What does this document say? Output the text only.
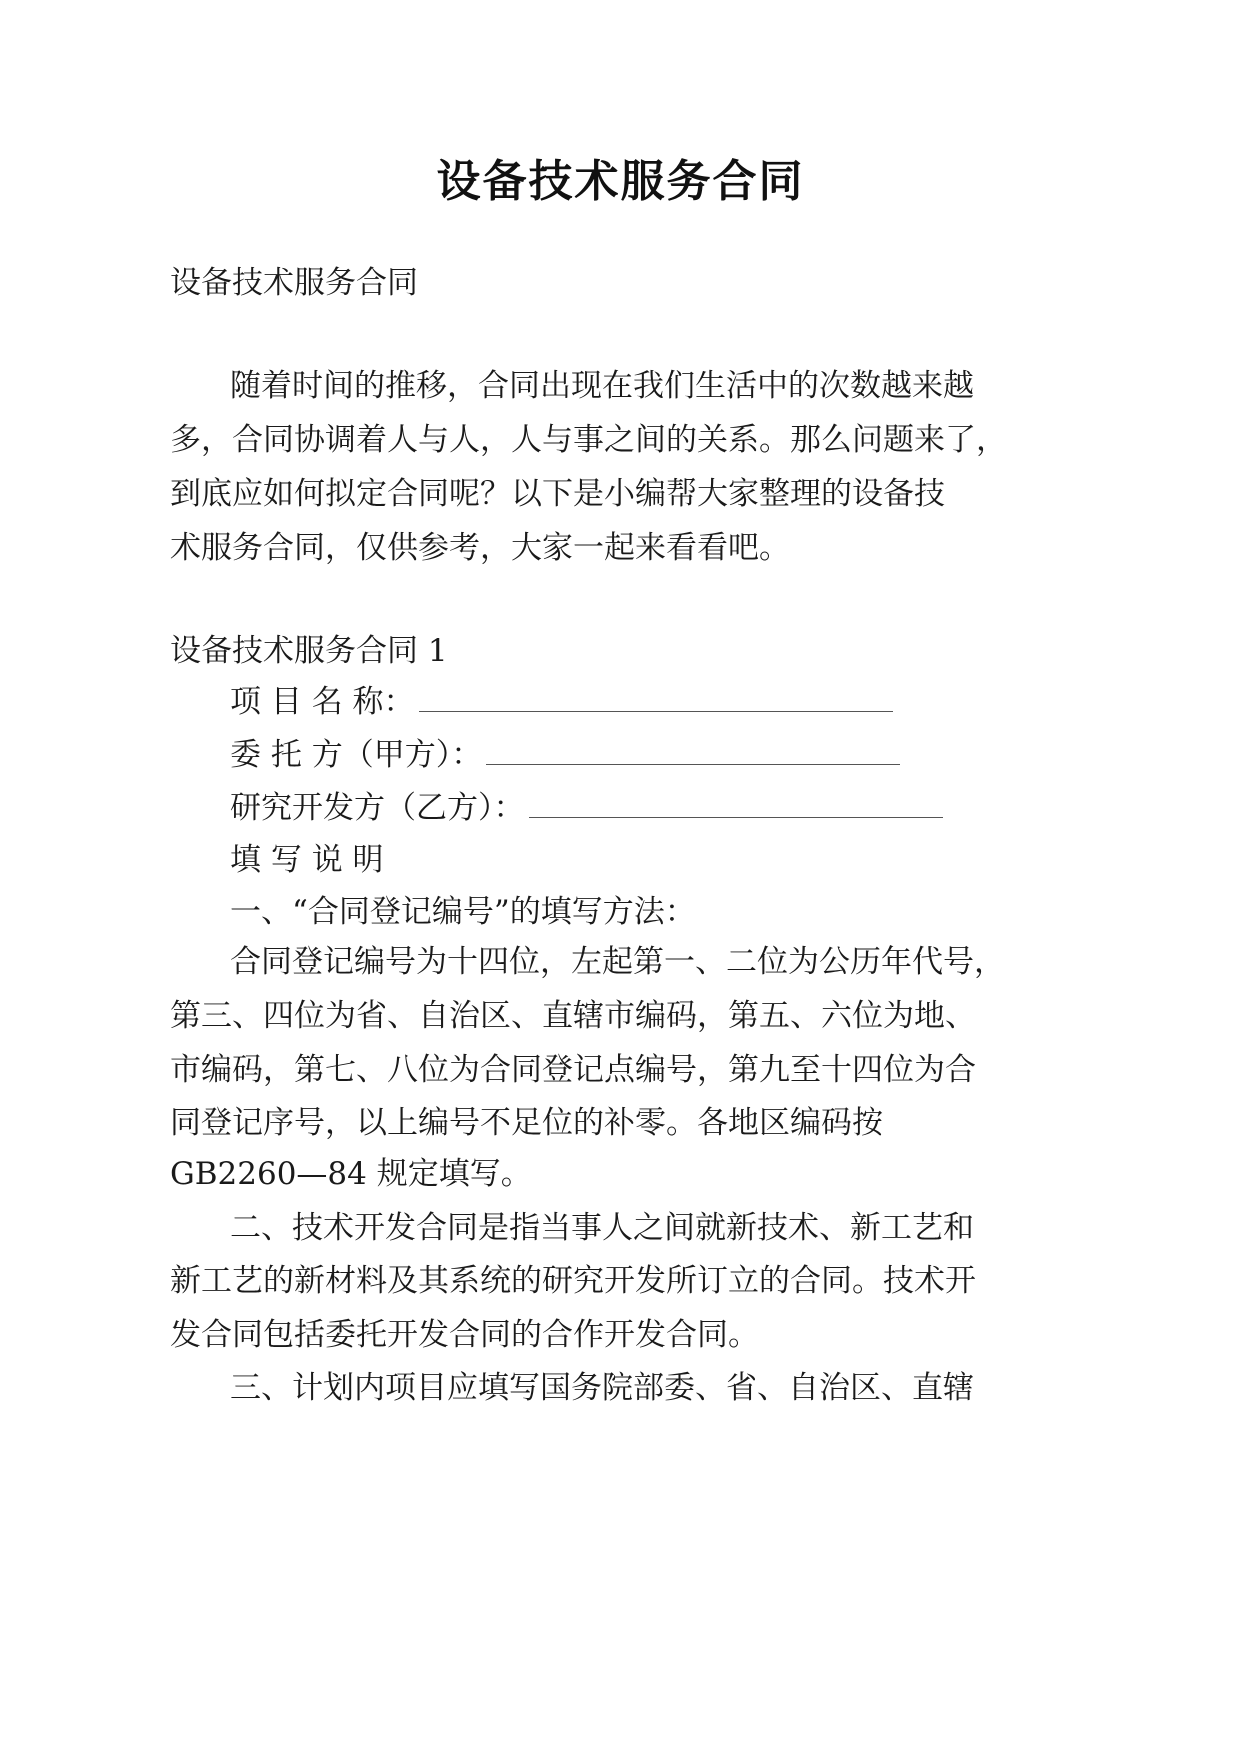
设备技术服务合同
设备技术服务合同
随着时间的推移，合同出现在我们生活中的次数越来越
多，合同协调着人与人，人与事之间的关系。那么问题来了，
到底应如何拟定合同呢？以下是小编帮大家整理的设备技
术服务合同，仅供参考，大家一起来看看吧。
设备技术服务合同 1
项 目 名 称：
委 托 方（甲方）：
研究开发方（乙方）：
填 写 说 明
一、“合同登记编号”的填写方法：
合同登记编号为十四位，左起第一、二位为公历年代号，
第三、四位为省、自治区、直辖市编码，第五、六位为地、
市编码，第七、八位为合同登记点编号，第九至十四位为合
同登记序号，以上编号不足位的补零。各地区编码按
GB2260—84 规定填写。
二、技术开发合同是指当事人之间就新技术、新工艺和
新工艺的新材料及其系统的研究开发所订立的合同。技术开
发合同包括委托开发合同的合作开发合同。
三、计划内项目应填写国务院部委、省、自治区、直辖
